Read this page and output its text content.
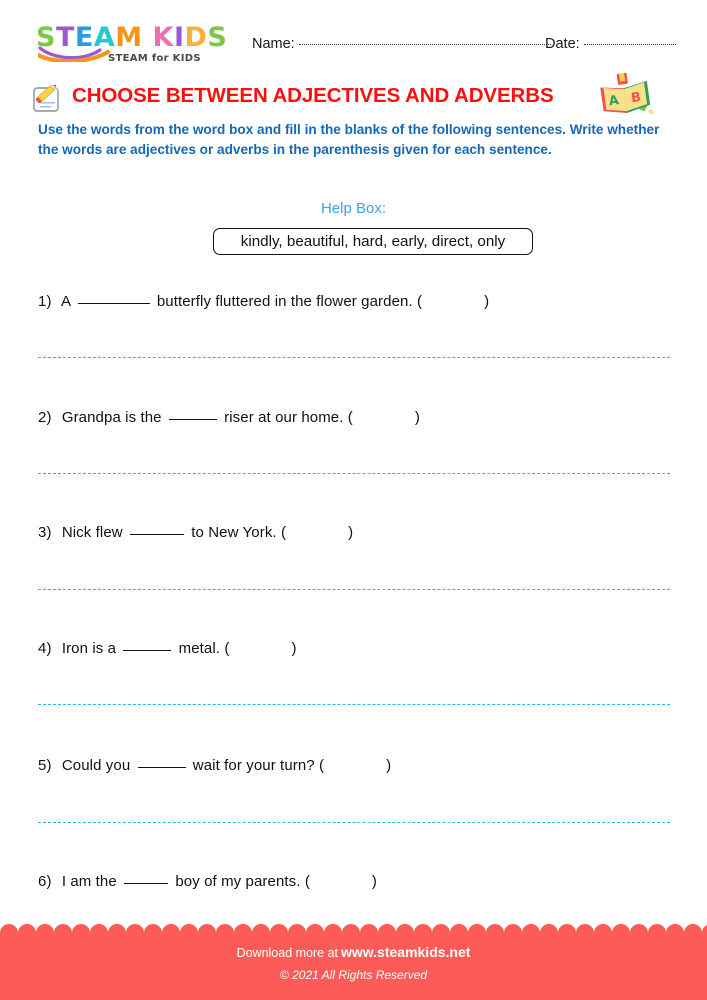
STEAM KIDS
STEAM for KIDS
Name:	Date:
CHOOSE BETWEEN ADJECTIVES AND ADVERBS	A B
Use the words from the word box and fill in the blanks of the following sentences. Write whether the words are adjectives or adverbs in the parenthesis given for each sentence.
Help Box:
kindly, beautiful, hard, early, direct, only
1) A	butterfly fluttered in the flower garden. (	)
2) Grandpa is the	riser at our home. (	)
3) Nick flew	to New York. (	)
4) Iron is a	metal. (	)
5) Could you	wait for your turn? (	)
6) I am the	boy of my parents. (	)
Download more at www.steamkids.net
© 2021 All Rights Reserved
